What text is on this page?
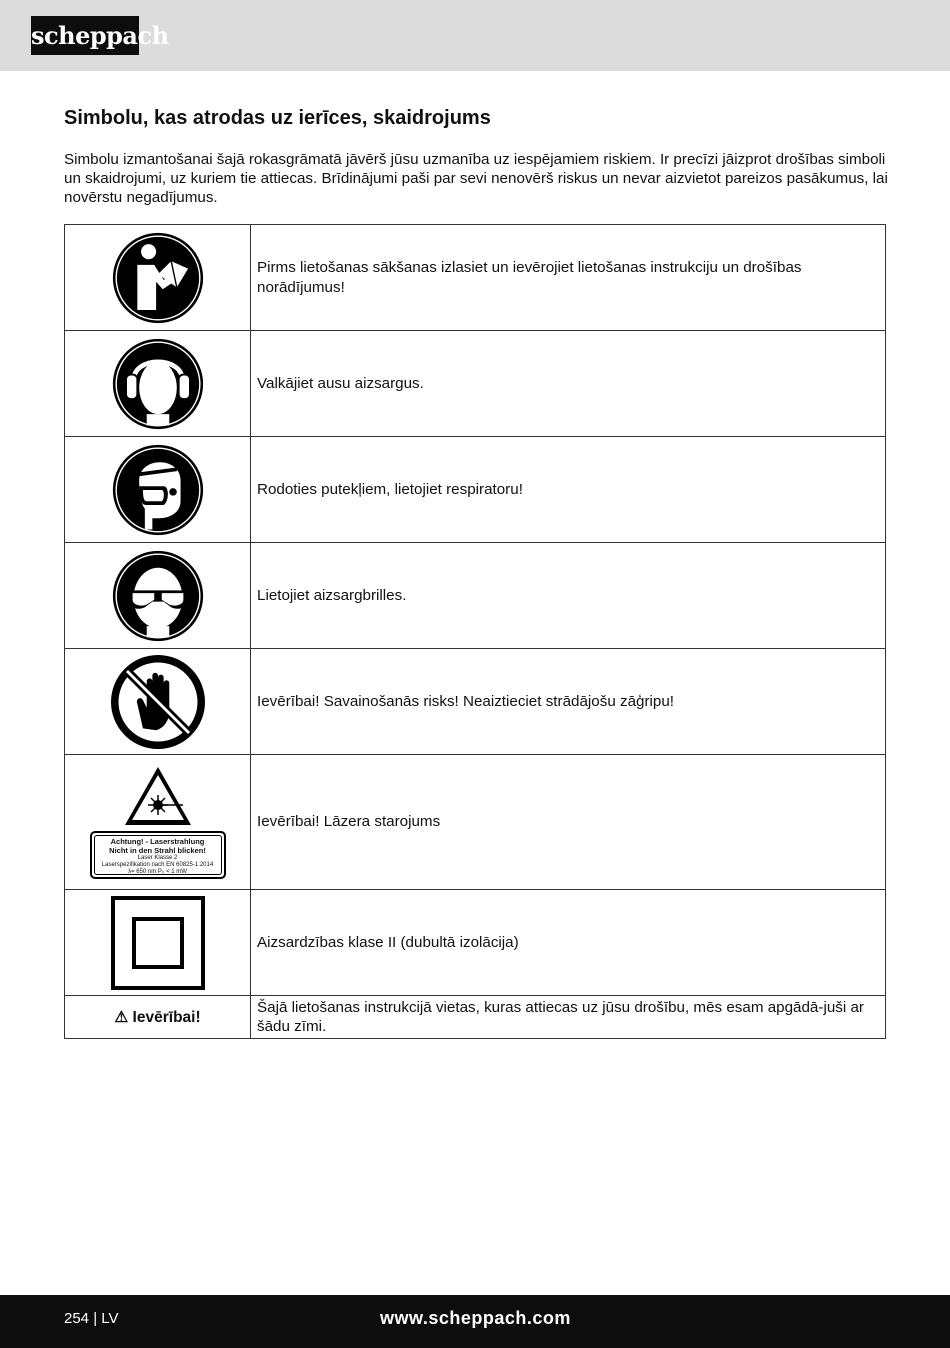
scheppach
Simbolu, kas atrodas uz ierīces, skaidrojums

Simbolu izmantošanai šajā rokasgrāmatā jāvērš jūsu uzmanība uz iespējamiem riskiem. Ir precīzi jāizprot drošības simboli un skaidrojumi, uz kuriem tie attiecas. Brīdinājumi paši par sevi nenovērš riskus un nevar aizvietot pareizos pasākumus, lai novērstu negadījumus.

	Pirms lietošanas sākšanas izlasiet un ievērojiet lietošanas instrukciju un drošības norādījumus!

	Valkājiet ausu aizsargus.

	Rodoties putekļiem, lietojiet respiratoru!

	Lietojiet aizsargbrilles.

	Ievērībai! Savainošanās risks! Neaiztieciet strādājošu zāģripu!

Achtung! - Laserstrahlung
Nicht in den Strahl blicken!
Laser Klasse 2
Laserspezifikation nach EN 60825-1:2014
λ= 650 nm P₀ < 1 mW	Ievērībai! Lāzera starojums

	Aizsardzības klase II (dubultā izolācija)
⚠ Ievērībai!	Šajā lietošanas instrukcijā vietas, kuras attiecas uz jūsu drošību, mēs esam apgādā-juši ar šādu zīmi.
254 | LV	www.scheppach.com
